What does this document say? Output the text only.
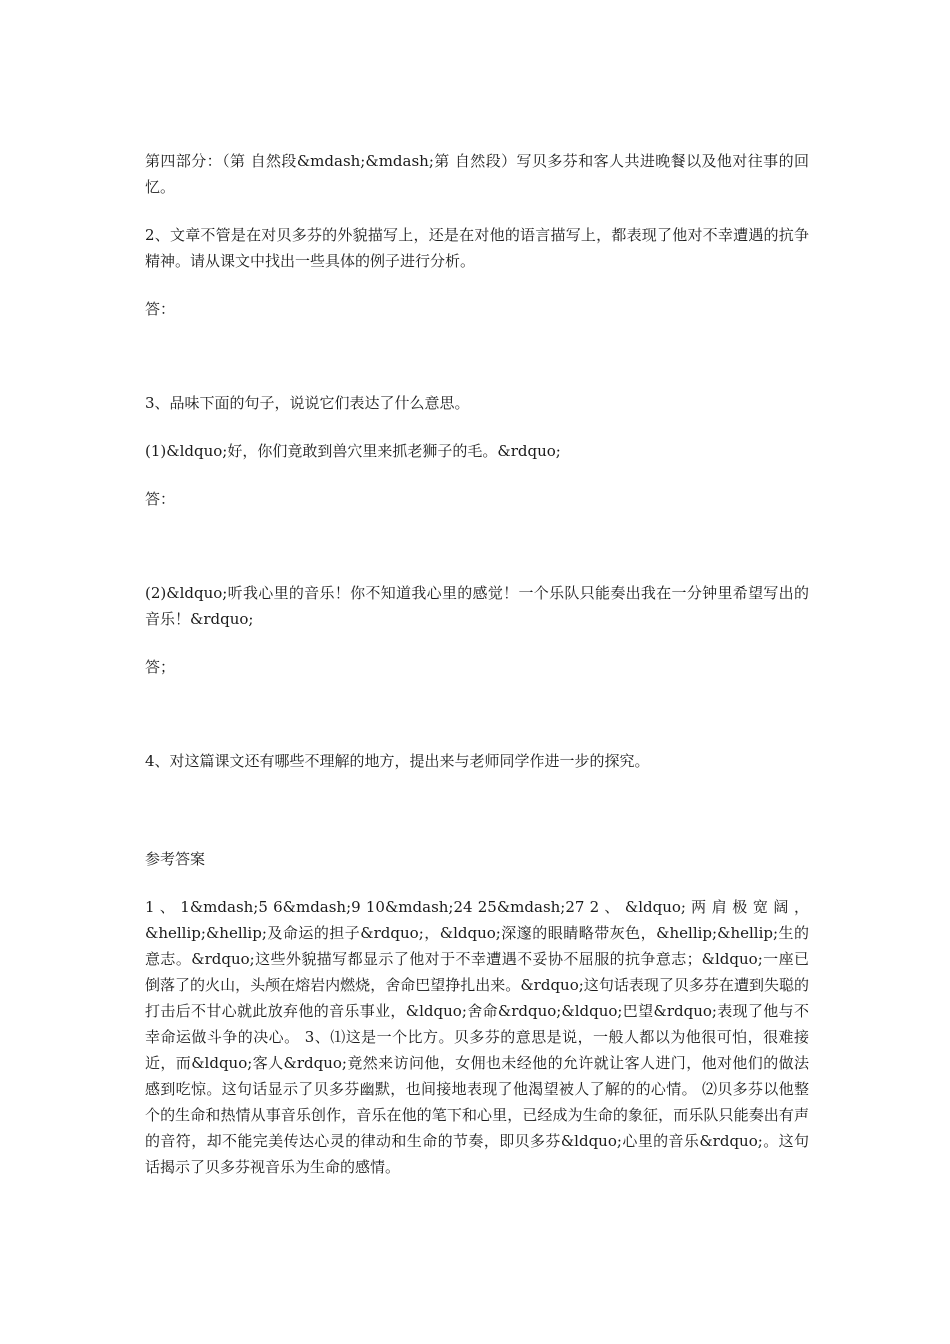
第四部分：（第 自然段&mdash;&mdash;第 自然段）写贝多芬和客人共进晚餐以及他对往事的回忆。

2、文章不管是在对贝多芬的外貌描写上，还是在对他的语言描写上，都表现了他对不幸遭遇的抗争精神。请从课文中找出一些具体的例子进行分析。

答：

3、品味下面的句子，说说它们表达了什么意思。

(1)&ldquo;好，你们竟敢到兽穴里来抓老狮子的毛。&rdquo;

答：

(2)&ldquo;听我心里的音乐！你不知道我心里的感觉！一个乐队只能奏出我在一分钟里希望写出的音乐！&rdquo;

答；

4、对这篇课文还有哪些不理解的地方，提出来与老师同学作进一步的探究。

参考答案

1 、 1&mdash;5 6&mdash;9 10&mdash;24 25&mdash;27 2 、 &ldquo; 两 肩 极 宽 阔 ， &hellip;&hellip;及命运的担子&rdquo;，&ldquo;深邃的眼睛略带灰色，&hellip;&hellip;生的意志。&rdquo;这些外貌描写都显示了他对于不幸遭遇不妥协不屈服的抗争意志；&ldquo;一座已倒落了的火山，头颅在熔岩内燃烧，舍命巴望挣扎出来。&rdquo;这句话表现了贝多芬在遭到失聪的打击后不甘心就此放弃他的音乐事业，&ldquo;舍命&rdquo;&ldquo;巴望&rdquo;表现了他与不幸命运做斗争的决心。 3、⑴这是一个比方。贝多芬的意思是说，一般人都以为他很可怕，很难接近，而&ldquo;客人&rdquo;竟然来访问他，女佣也未经他的允许就让客人进门，他对他们的做法感到吃惊。这句话显示了贝多芬幽默，也间接地表现了他渴望被人了解的的心情。 ⑵贝多芬以他整个的生命和热情从事音乐创作，音乐在他的笔下和心里，已经成为生命的象征，而乐队只能奏出有声的音符，却不能完美传达心灵的律动和生命的节奏，即贝多芬&ldquo;心里的音乐&rdquo;。这句话揭示了贝多芬视音乐为生命的感情。
